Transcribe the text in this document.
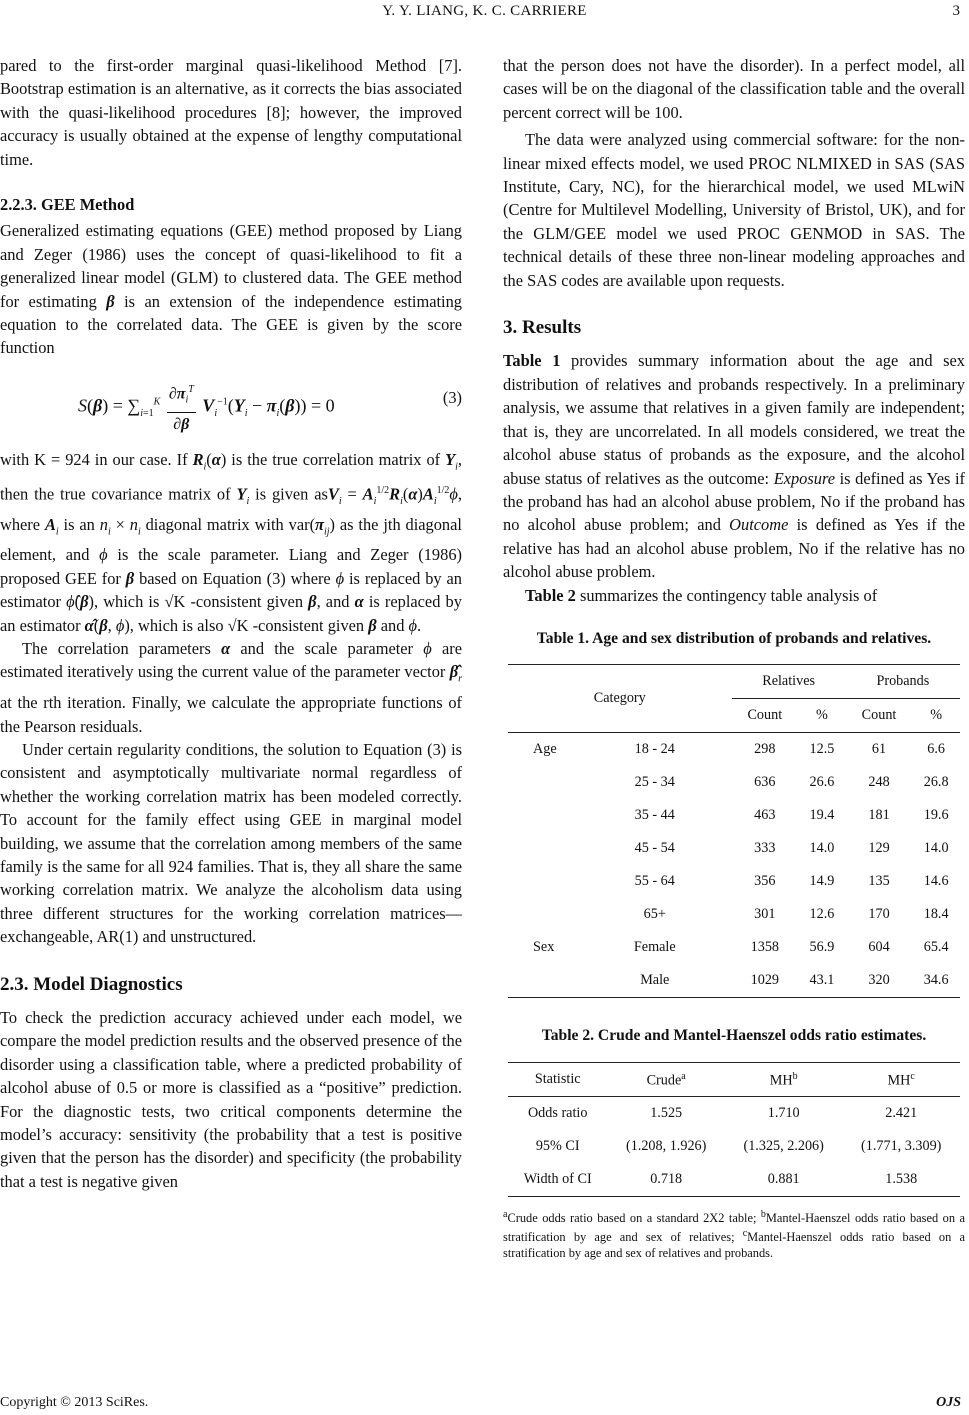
Y. Y. LIANG, K. C. CARRIERE	3

pared to the first-order marginal quasi-likelihood Method [7]. Bootstrap estimation is an alternative, as it corrects the bias associated with the quasi-likelihood procedures [8]; however, the improved accuracy is usually obtained at the expense of lengthy computational time.

2.2.3. GEE Method

Generalized estimating equations (GEE) method proposed by Liang and Zeger (1986) uses the concept of quasi-likelihood to fit a generalized linear model (GLM) to clustered data. The GEE method for estimating β is an extension of the independence estimating equation to the correlated data. The GEE is given by the score function

$S(\beta) = \sum_{i=1}^K \frac{\partial\pi_i^T}{\partial\beta} V_i^{-1}(Y_i - \pi_i(\beta)) = 0$	(3)

with K = 924 in our case. If $R_i(\alpha)$ is the true correlation matrix of $Y_i$, then the true covariance matrix of $Y_i$ is given $asV_i = A_i^{1/2}R_i(\alpha)A_i^{1/2}\phi$, where $A_i$ is an $n_i \times n_i$ diagonal matrix with $var(\pi_{ij})$ as the jth diagonal element, and ϕ is the scale parameter. Liang and Zeger (1986) proposed GEE for β based on Equation (3) where ϕ is replaced by an estimator ϕ̂(β), which is √K -consistent given β, and α is replaced by an estimator α̂(β, ϕ), which is also √K -consistent given β and ϕ.

The correlation parameters α and the scale parameter ϕ are estimated iteratively using the current value of the parameter vector $\betâ_r$ at the rth iteration. Finally, we calculate the appropriate functions of the Pearson residuals.

Under certain regularity conditions, the solution to Equation (3) is consistent and asymptotically multivariate normal regardless of whether the working correlation matrix has been modeled correctly. To account for the family effect using GEE in marginal model building, we assume that the correlation among members of the same family is the same for all 924 families. That is, they all share the same working correlation matrix. We analyze the alcoholism data using three different structures for the working correlation matrices—exchangeable, AR(1) and unstructured.

2.3. Model Diagnostics

To check the prediction accuracy achieved under each model, we compare the model prediction results and the observed presence of the disorder using a classification table, where a predicted probability of alcohol abuse of 0.5 or more is classified as a “positive” prediction. For the diagnostic tests, two critical components determine the model’s accuracy: sensitivity (the probability that a test is positive given that the person has the disorder) and specificity (the probability that a test is negative given

that the person does not have the disorder). In a perfect model, all cases will be on the diagonal of the classification table and the overall percent correct will be 100.

The data were analyzed using commercial software: for the non-linear mixed effects model, we used PROC NLMIXED in SAS (SAS Institute, Cary, NC), for the hierarchical model, we used MLwiN (Centre for Multilevel Modelling, University of Bristol, UK), and for the GLM/GEE model we used PROC GENMOD in SAS. The technical details of these three non-linear modeling approaches and the SAS codes are available upon requests.

3. Results

Table 1 provides summary information about the age and sex distribution of relatives and probands respectively. In a preliminary analysis, we assume that relatives in a given family are independent; that is, they are uncorrelated. In all models considered, we treat the alcohol abuse status of probands as the exposure, and the alcohol abuse status of relatives as the outcome: Exposure is defined as Yes if the proband has had an alcohol abuse problem, No if the proband has no alcohol abuse problem; and Outcome is defined as Yes if the relative has had an alcohol abuse problem, No if the relative has no alcohol abuse problem.

Table 2 summarizes the contingency table analysis of

Table 1. Age and sex distribution of probands and relatives.
Category		Relatives		Probands	
		Count	%	Count	%
Age	18 - 24	298	12.5	61	6.6
	25 - 34	636	26.6	248	26.8
	35 - 44	463	19.4	181	19.6
	45 - 54	333	14.0	129	14.0
	55 - 64	356	14.9	135	14.6
	65+	301	12.6	170	18.4
Sex	Female	1358	56.9	604	65.4
	Male	1029	43.1	320	34.6
Table 2. Crude and Mantel-Haenszel odds ratio estimates.
Statistic	Crude$^a$	$MH^b$	$MH^c$
Odds ratio	1.525	1.710	2.421
95% CI	(1.208, 1.926)	(1.325, 2.206)	(1.771, 3.309)
Width of CI	0.718	0.881	1.538
$^a$Crude odds ratio based on a standard 2X2 table; $^b$Mantel-Haenszel odds ratio based on a stratification by age and sex of relatives; $^c$Mantel-Haenszel odds ratio based on a stratification by age and sex of relatives and probands.
Copyright © 2013 SciRes.	OJS
